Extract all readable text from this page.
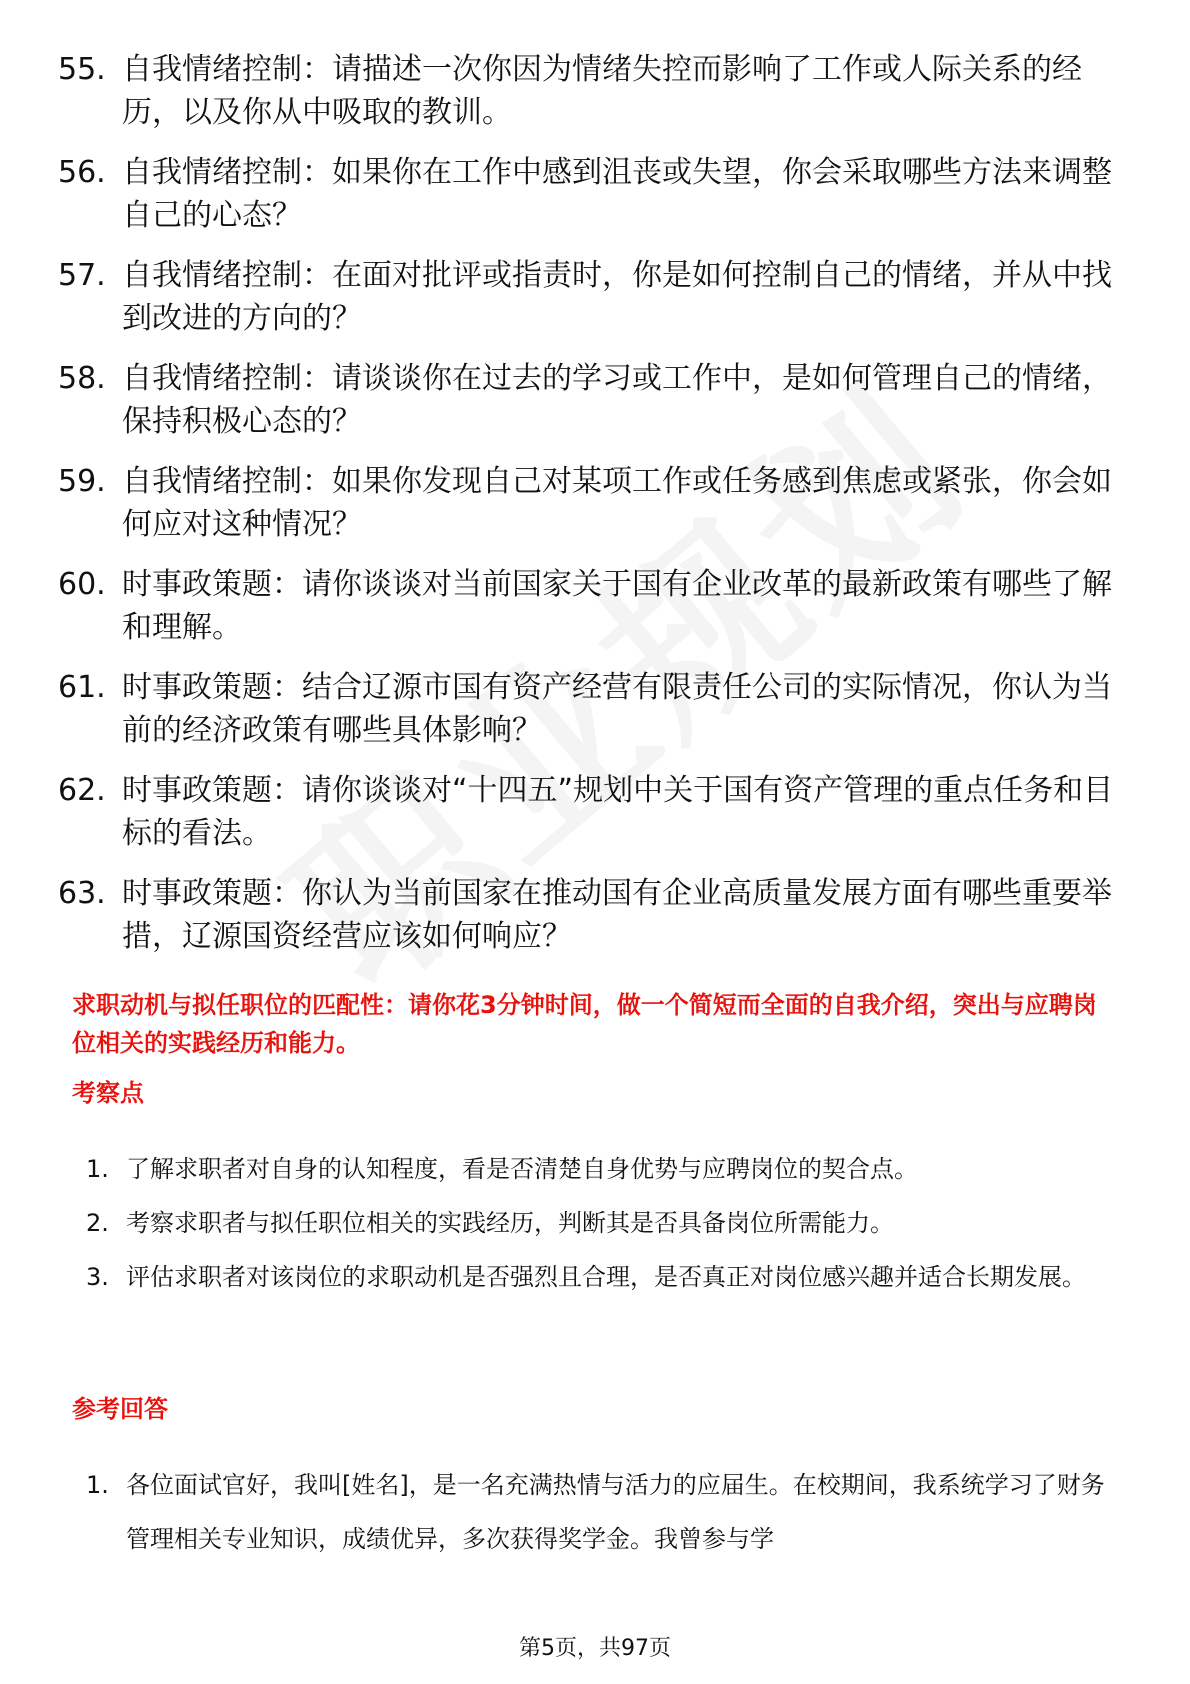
55. 自我情绪控制：请描述一次你因为情绪失控而影响了工作或人际关系的经历，以及你从中吸取的教训。
56. 自我情绪控制：如果你在工作中感到沮丧或失望，你会采取哪些方法来调整自己的心态？
57. 自我情绪控制：在面对批评或指责时，你是如何控制自己的情绪，并从中找到改进的方向的？
58. 自我情绪控制：请谈谈你在过去的学习或工作中，是如何管理自己的情绪，保持积极心态的？
59. 自我情绪控制：如果你发现自己对某项工作或任务感到焦虑或紧张，你会如何应对这种情况？
60. 时事政策题：请你谈谈对当前国家关于国有企业改革的最新政策有哪些了解和理解。
61. 时事政策题：结合辽源市国有资产经营有限责任公司的实际情况，你认为当前的经济政策有哪些具体影响？
62. 时事政策题：请你谈谈对“十四五”规划中关于国有资产管理的重点任务和目标的看法。
63. 时事政策题：你认为当前国家在推动国有企业高质量发展方面有哪些重要举措，辽源国资经营应该如何响应？
求职动机与拟任职位的匹配性：请你花3分钟时间，做一个简短而全面的自我介绍，突出与应聘岗位相关的实践经历和能力。
考察点
1. 了解求职者对自身的认知程度，看是否清楚自身优势与应聘岗位的契合点。
2. 考察求职者与拟任职位相关的实践经历，判断其是否具备岗位所需能力。
3. 评估求职者对该岗位的求职动机是否强烈且合理，是否真正对岗位感兴趣并适合长期发展。
参考回答
1. 各位面试官好，我叫[姓名]，是一名充满热情与活力的应届生。在校期间，我系统学习了财务管理相关专业知识，成绩优异，多次获得奖学金。我曾参与学
第5页，共97页
